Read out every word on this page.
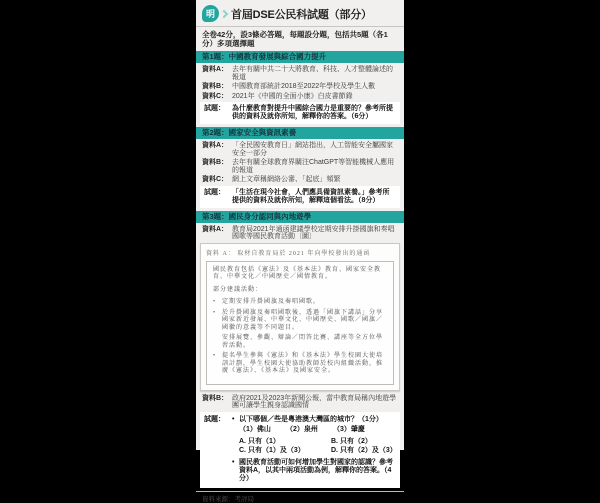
明	首屆DSE公民科試題（部分）
全卷42分，設3條必答題，每題設分題，包括共5題（各1分）多項選擇題
第1題：中國教育發展與綜合國力提升
資料A： 去年有關中共二十大將教育、科技、人才整體論述的報道
資料B： 中國教育部統計2018至2022年學校及學生人數
資料C： 2021年《中國的全面小康》白皮書節錄
試題：	為什麼教育對提升中國綜合國力是重要的？參考所提供的資料及就你所知，解釋你的答案。（6分）
第2題：國家安全與資訊素養
資料A： 「全民國安教育日」網站指出，人工智能安全屬國家安全一部分
資料B： 去年有關全球教育界關注ChatGPT等智能機械人應用的報道
資料C： 網上文章稱網絡公審、「起底」頻繁
試題：	「生活在現今社會，人們應具備資訊素養。」參考所提供的資料及就你所知，解釋這個看法。（8分）
第3題：國民身分認同與內地遊學
資料A： 教育局2021年通函建議學校定期安排升掛國旗和奏唱國歌等國民教育活動〔圖〕
資料 A： 取材自教育局於 2021 年向學校發出的通函
國民教育包括《憲法》及《基本法》教育、國家安全教育、中華文化／中國歷史／國情教育。
部分建議活動：
• 定期安排升掛國旗及奏唱國歌。
• 於升掛國旗及奏唱國歌後，透過「國旗下講話」分享國家新近發展、中華文化、中國歷史、國歌／國旗／國徽的意義等不同題目。
安排展覽、參觀、辯論／問答比賽、講座等全方位學習活動。
• 提名學生參與《憲法》和《基本法》學生校園大使培訓計劃，學生校園大使協助教師於校內組織活動，推廣《憲法》、《基本法》及國家安全。
資料B： 政府2021及2023年新聞公報，當中教育局稱內地遊學團可讓學生親身認識國情
試題：	• 以下哪個／些是粵港澳大灣區的城市？（1分）
（1）佛山	（2）泉州	（3）肇慶
A. 只有（1）	B. 只有（2）
C. 只有（1）及（3）	D. 只有（2）及（3）
• 國民教育活動可如何增加學生對國家的認識？參考資料A，以其中兩項活動為例，解釋你的答案。（4分）
資料來源：考評局
